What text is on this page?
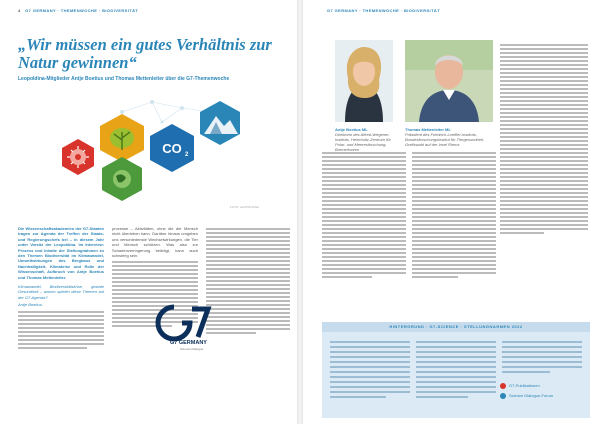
4 G7 GERMANY · THEMENWOCHE · BIODIVERSITÄT
„Wir müssen ein gutes Verhältnis zur Natur gewinnen“
Leopoldina-Mitglieder Antje Boetius und Thomas Mettenleiter über die G7-Themenwoche
CO 2
FOTO: LEOPOLDINA

Die Wissenschaftsakademien der G7-Staaten tragen zur Agenda der Treffen der Staats- und Regierungschefs bei – in diesem Jahr unter Vorsitz der Leopoldina. Im Interview: Prozess und Inhalte der Stellungnahmen zu den Themen Biodiversität im Klimawandel, Umweltwirkungen des Bergbaus und Nachhaltigkeit, Klimakrise und Rolle der Wissenschaft, Aufbruch von Antje Boetius und Thomas Mettenleiter.

Klimawandel, Biodiversitätskrise, globale Gesundheit – warum spielen diese Themen auf der G7-Agenda?

Antje Boetius:

prozesse – Aktivitäten, ohne die der Mensch nicht überleben kann. Darüber hinaus umgeben uns verschiedenste Wechselwirkungen, die Tier und Mensch schützen. Was also zur Schadenverringerung beiträgt, kann auch schwierig sein.

G7 GERMANY
Science Dialogue
G7 GERMANY · THEMENWOCHE · BIODIVERSITÄT
Antje Boetius ML
Direktorin des Alfred-Wegener-Instituts, Helmholtz-Zentrum für Polar- und Meeresforschung, Bremerhaven
Thomas Mettenleiter ML
Präsident des Friedrich-Loeffler-Instituts, Bundesforschungsinstitut für Tiergesundheit, Greifswald auf der Insel Riems
HINTERGRUND · G7-SCIENCE · STELLUNGNAHMEN 2022
G7-Publikationen
Science Dialogue-Forum
